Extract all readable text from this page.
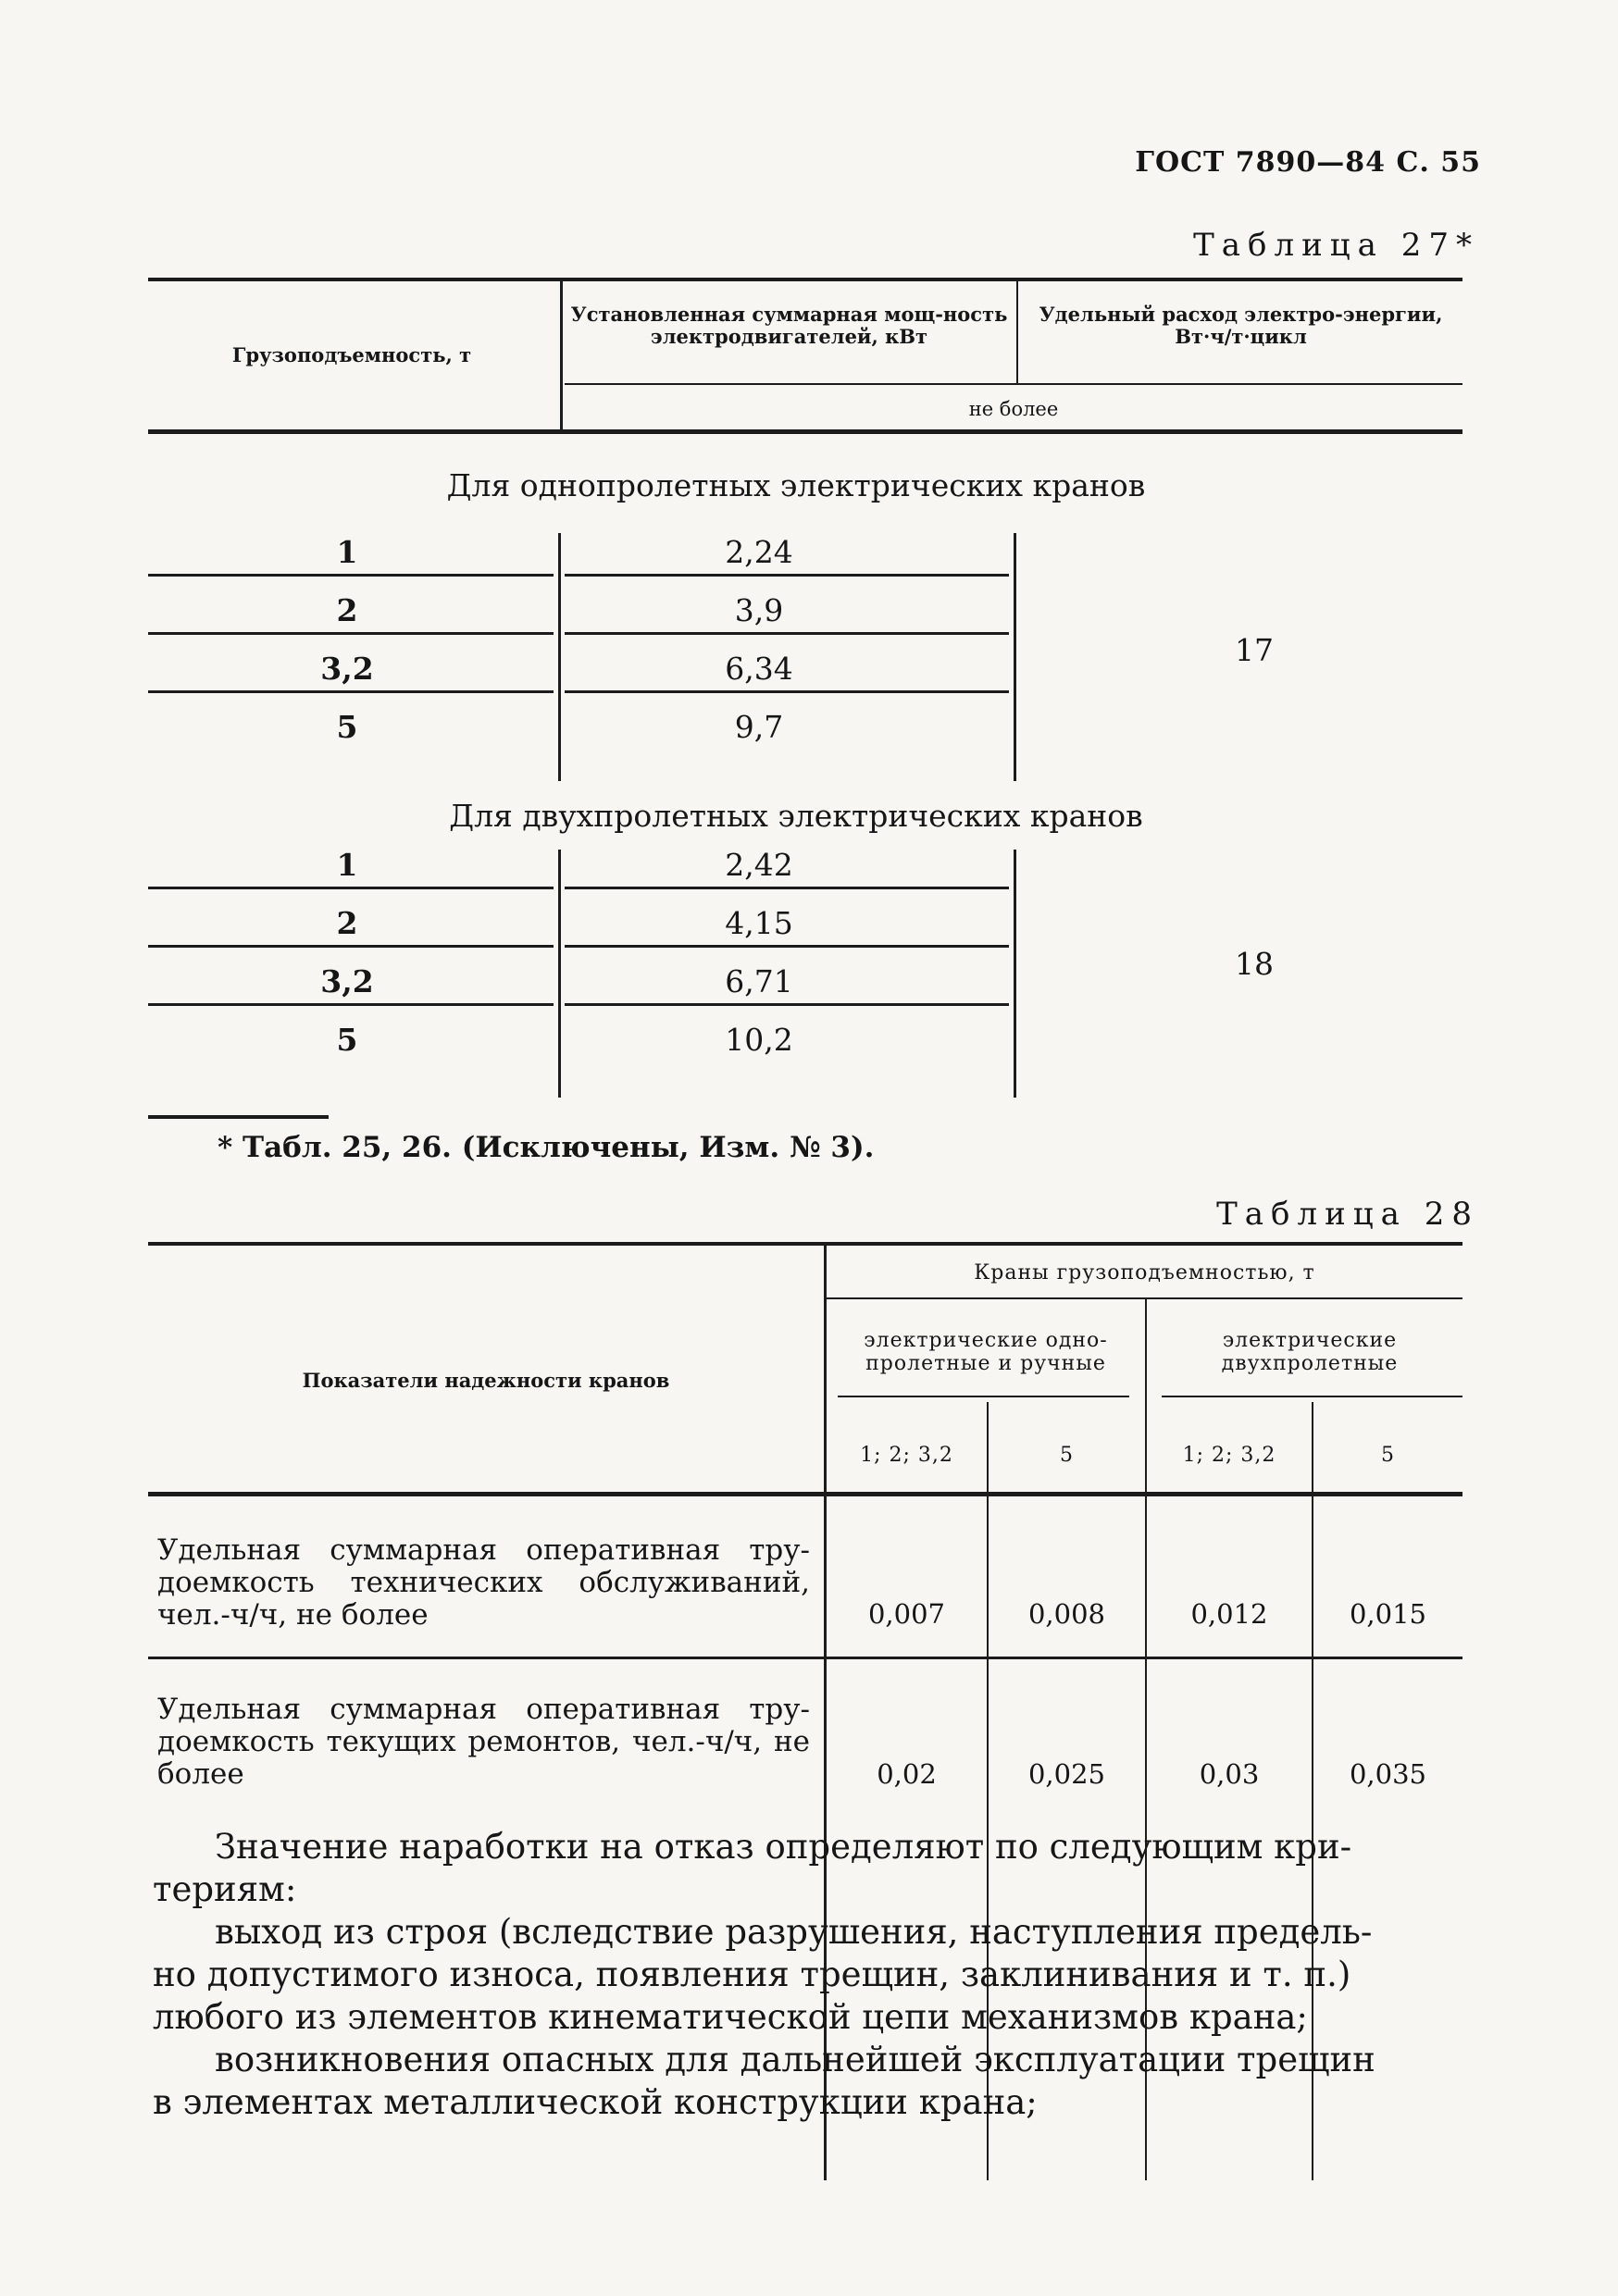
ГОСТ 7890—84 С. 55
Таблица 27*
Грузоподъемность, т
Установленная суммарная мощ-ность электродвигателей, кВт
Удельный расход электро-энергии, Вт·ч/т·цикл
не более
Для однопролетных электрических кранов
1	2,24
2	3,9
3,2	6,34
5	9,7
17
Для двухпролетных электрических кранов
1	2,42
2	4,15
3,2	6,71
5	10,2
18
* Табл. 25, 26. (Исключены, Изм. № 3).
Таблица 28
Показатели надежности кранов
Краны грузоподъемностью, т
электрические одно-пролетные и ручные
электрические двухпролетные
1; 2; 3,2	5	1; 2; 3,2	5
Удельная суммарная оперативная тру-доемкость технических обслуживаний, чел.-ч/ч, не более	0,007	0,008	0,012	0,015
Удельная суммарная оперативная тру-доемкость текущих ремонтов, чел.-ч/ч, не более	0,02	0,025	0,03	0,035
Значение наработки на отказ определяют по следующим кри-
териям:
выход из строя (вследствие разрушения, наступления предель-
но допустимого износа, появления трещин, заклинивания и т. п.)
любого из элементов кинематической цепи механизмов крана;
возникновения опасных для дальнейшей эксплуатации трещин
в элементах металлической конструкции крана;
